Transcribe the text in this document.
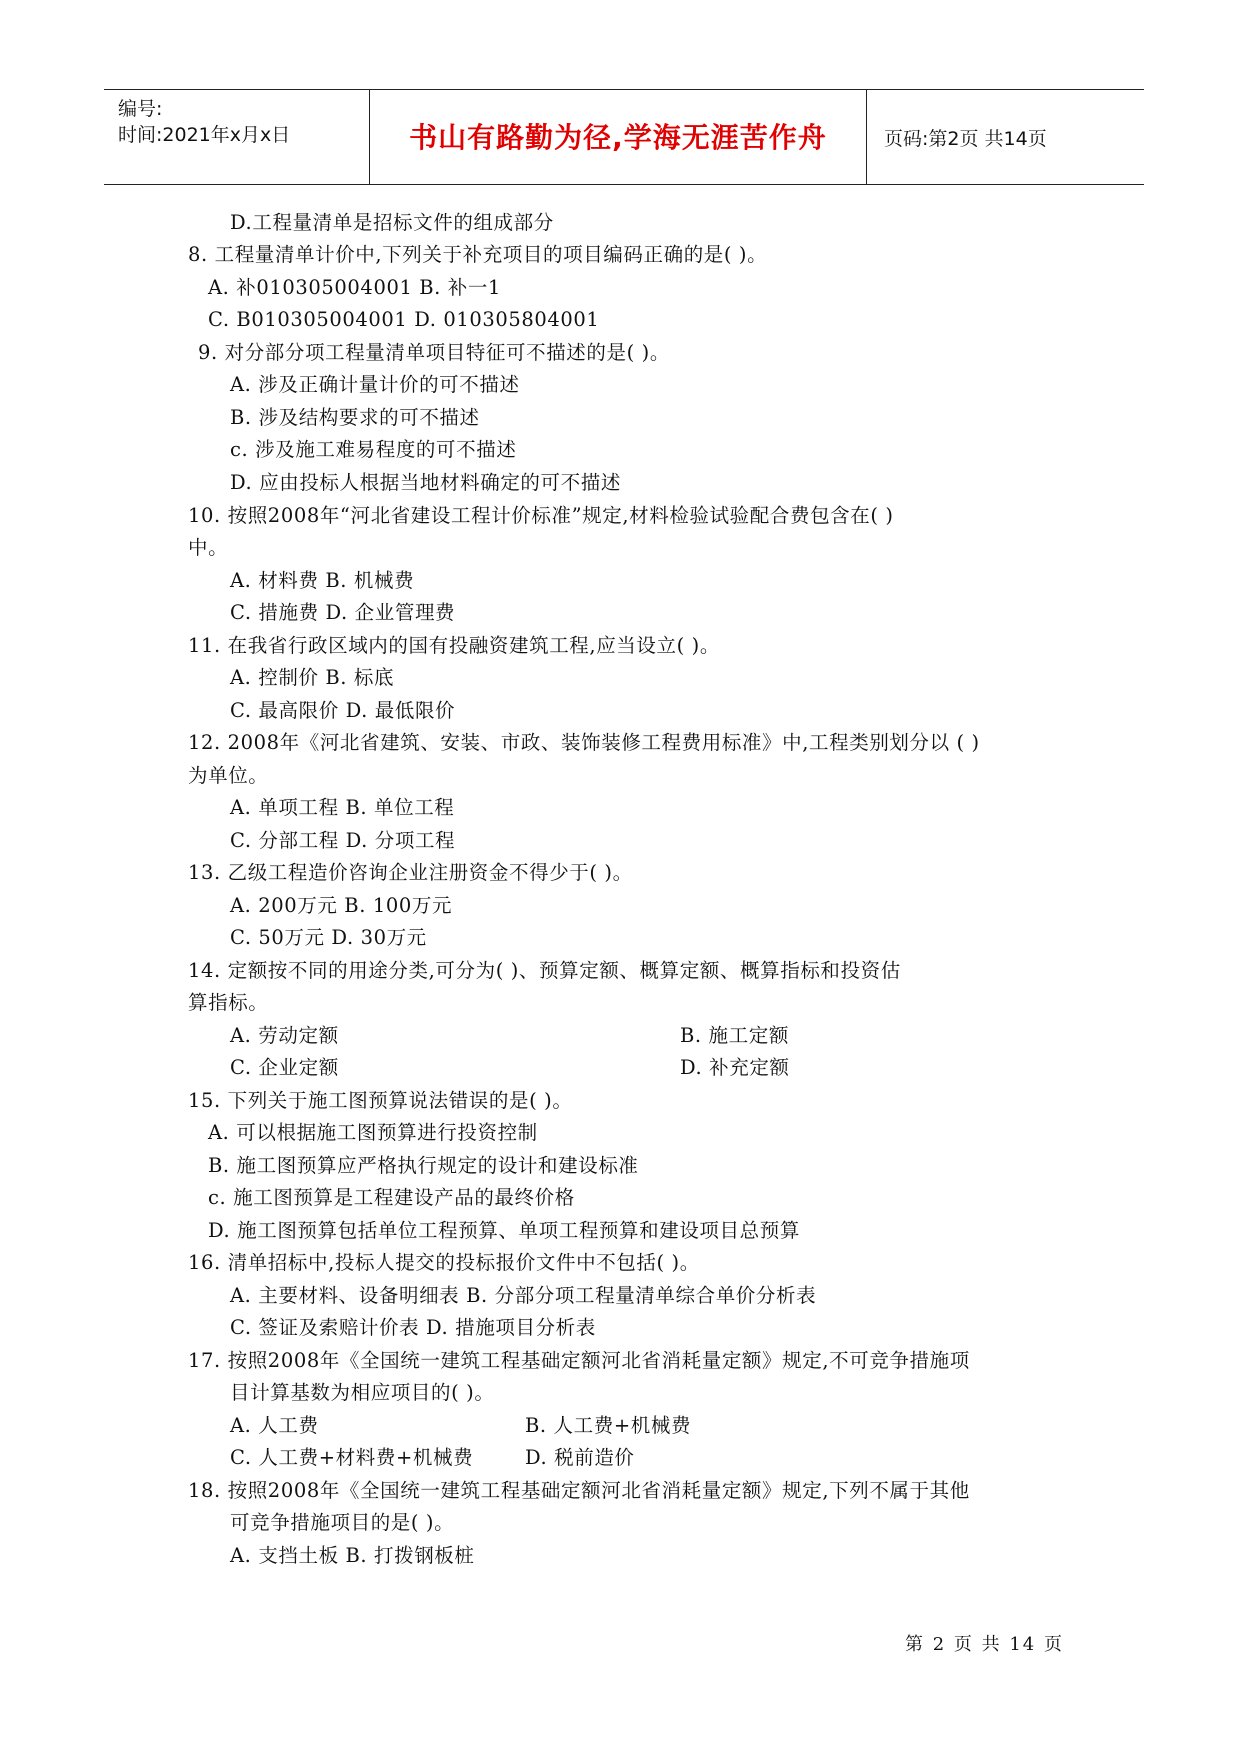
编号:
时间:2021年x月x日	书山有路勤为径,学海无涯苦作舟	页码:第2页 共14页
D.工程量清单是招标文件的组成部分
8. 工程量清单计价中,下列关于补充项目的项目编码正确的是( )。
A. 补010305004001 B. 补一1
C. B010305004001 D. 010305804001
9. 对分部分项工程量清单项目特征可不描述的是( )。
A. 涉及正确计量计价的可不描述
B. 涉及结构要求的可不描述
c. 涉及施工难易程度的可不描述
D. 应由投标人根据当地材料确定的可不描述
10. 按照2008年“河北省建设工程计价标准”规定,材料检验试验配合费包含在( )
中。
A. 材料费 B. 机械费
C. 措施费 D. 企业管理费
11. 在我省行政区域内的国有投融资建筑工程,应当设立( )。
A. 控制价 B. 标底
C. 最高限价 D. 最低限价
12. 2008年《河北省建筑、安装、市政、装饰装修工程费用标准》中,工程类别划分以 ( )
为单位。
A. 单项工程 B. 单位工程
C. 分部工程 D. 分项工程
13. 乙级工程造价咨询企业注册资金不得少于( )。
A. 200万元 B. 100万元
C. 50万元 D. 30万元
14. 定额按不同的用途分类,可分为( )、预算定额、概算定额、概算指标和投资估
算指标。
A. 劳动定额	B. 施工定额
C. 企业定额	D. 补充定额
15. 下列关于施工图预算说法错误的是( )。
A. 可以根据施工图预算进行投资控制
B. 施工图预算应严格执行规定的设计和建设标准
c. 施工图预算是工程建设产品的最终价格
D. 施工图预算包括单位工程预算、单项工程预算和建设项目总预算
16. 清单招标中,投标人提交的投标报价文件中不包括( )。
A. 主要材料、设备明细表 B. 分部分项工程量清单综合单价分析表
C. 签证及索赔计价表 D. 措施项目分析表
17. 按照2008年《全国统一建筑工程基础定额河北省消耗量定额》规定,不可竞争措施项
目计算基数为相应项目的( )。
A. 人工费	B. 人工费+机械费
C. 人工费+材料费+机械费	D. 税前造价
18. 按照2008年《全国统一建筑工程基础定额河北省消耗量定额》规定,下列不属于其他
可竞争措施项目的是( )。
A. 支挡土板 B. 打拨钢板桩
第 2 页 共 14 页
